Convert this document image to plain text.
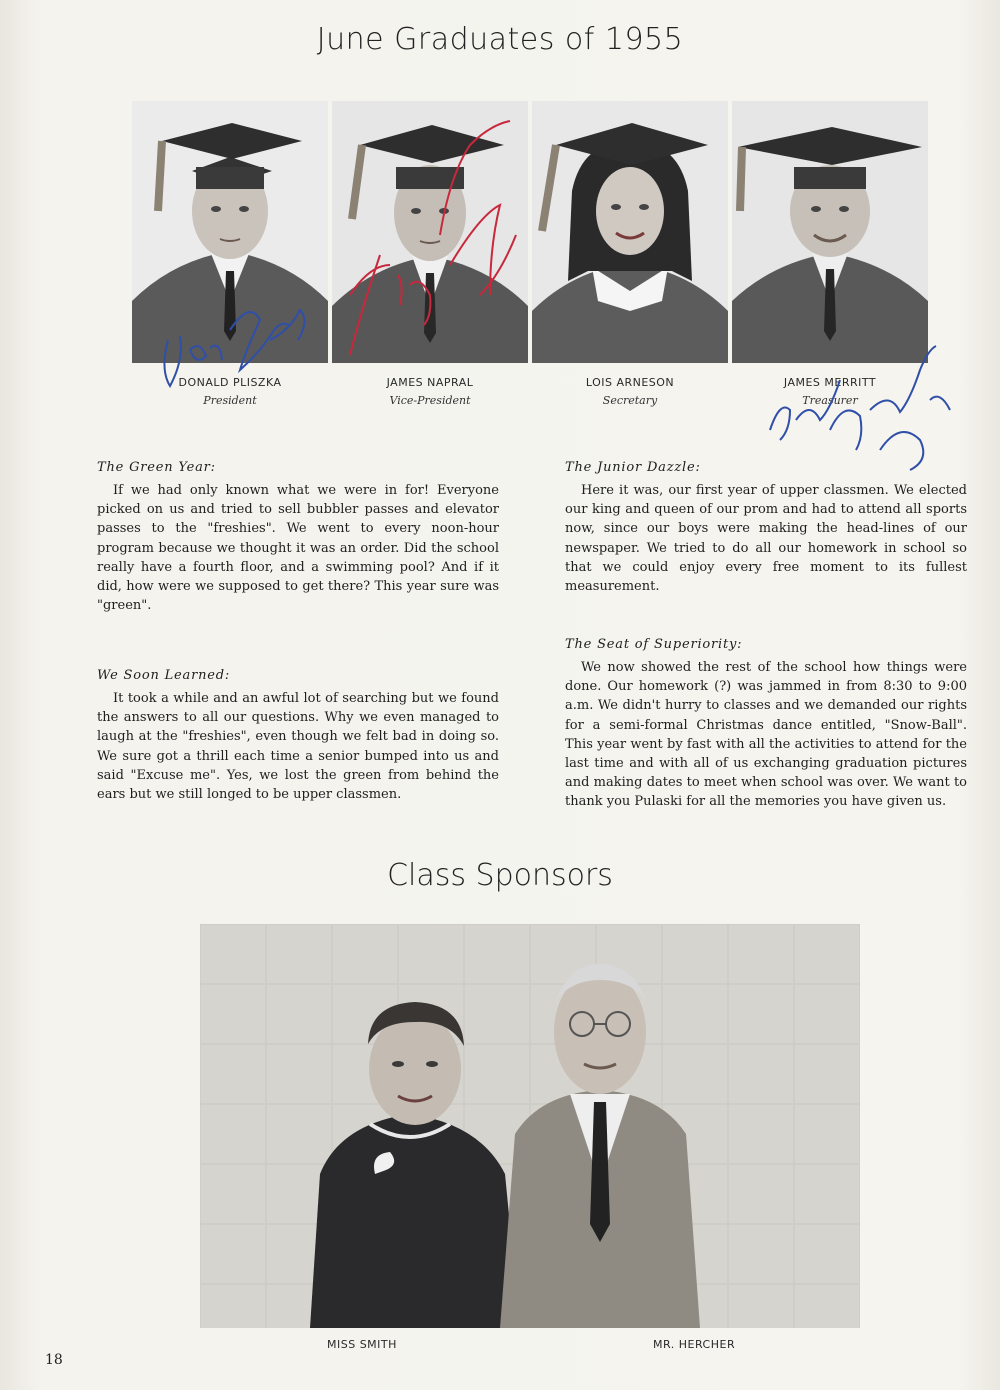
June Graduates of 1955
DONALD PLISZKA
President
JAMES NAPRAL
Vice-President
LOIS ARNESON
Secretary
JAMES MERRITT
Treasurer
The Green Year:
If we had only known what we were in for! Everyone picked on us and tried to sell bubbler passes and elevator passes to the "freshies". We went to every noon-hour program because we thought it was an order. Did the school really have a fourth floor, and a swimming pool? And if it did, how were we supposed to get there? This year sure was "green".
We Soon Learned:
It took a while and an awful lot of searching but we found the answers to all our questions. Why we even managed to laugh at the "freshies", even though we felt bad in doing so. We sure got a thrill each time a senior bumped into us and said "Excuse me". Yes, we lost the green from behind the ears but we still longed to be upper classmen.
The Junior Dazzle:
Here it was, our first year of upper classmen. We elected our king and queen of our prom and had to attend all sports now, since our boys were making the head-lines of our newspaper. We tried to do all our homework in school so that we could enjoy every free moment to its fullest measurement.
The Seat of Superiority:
We now showed the rest of the school how things were done. Our homework (?) was jammed in from 8:30 to 9:00 a.m. We didn't hurry to classes and we demanded our rights for a semi-formal Christmas dance entitled, "Snow-Ball". This year went by fast with all the activities to attend for the last time and with all of us exchanging graduation pictures and making dates to meet when school was over. We want to thank you Pulaski for all the memories you have given us.
Class Sponsors
MISS SMITH	MR. HERCHER
18
